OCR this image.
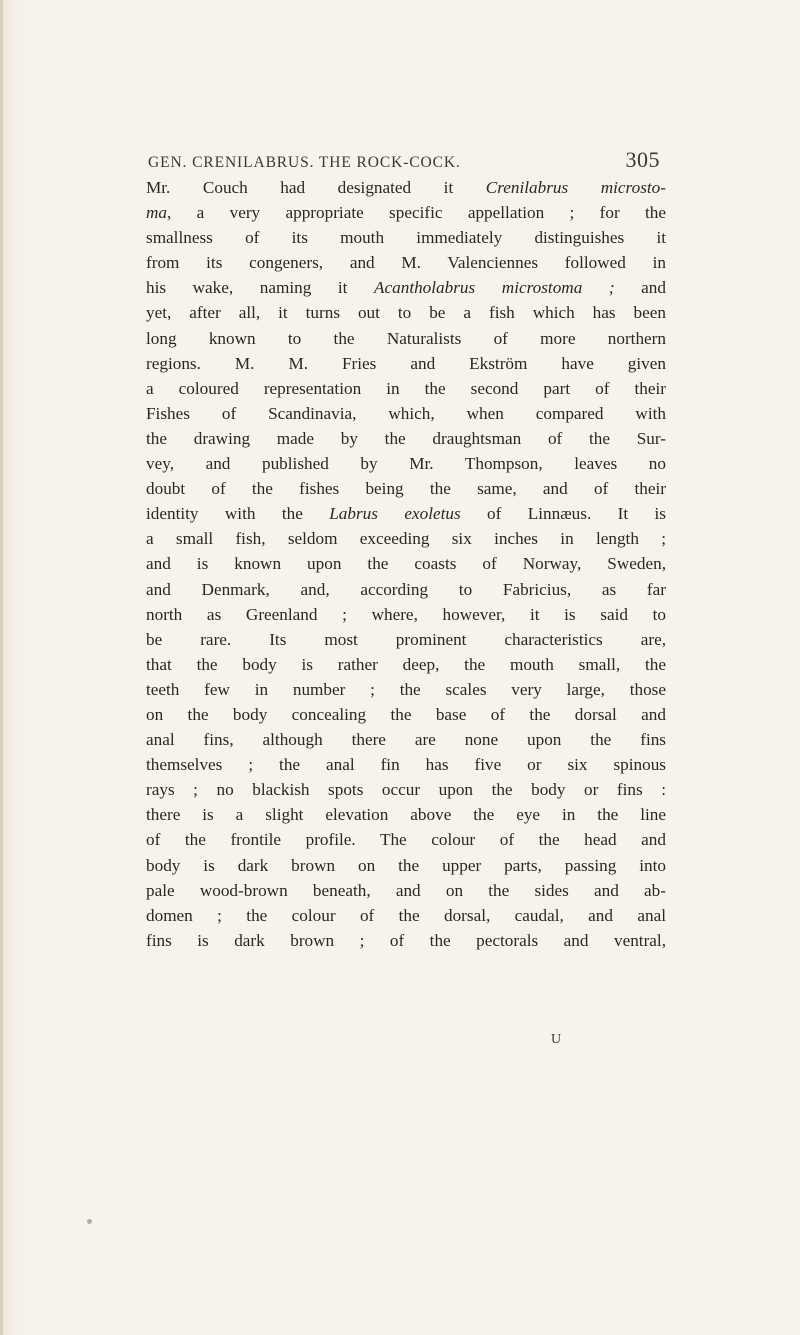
GEN. CRENILABRUS. THE ROCK-COCK.	305

Mr. Couch had designated it Crenilabrus microsto-
ma, a very appropriate specific appellation ; for the
smallness of its mouth immediately distinguishes it
from its congeners, and M. Valenciennes followed in
his wake, naming it Acantholabrus microstoma ; and
yet, after all, it turns out to be a fish which has been
long known to the Naturalists of more northern
regions. M. M. Fries and Ekström have given
a coloured representation in the second part of their
Fishes of Scandinavia, which, when compared with
the drawing made by the draughtsman of the Sur-
vey, and published by Mr. Thompson, leaves no
doubt of the fishes being the same, and of their
identity with the Labrus exoletus of Linnæus. It is
a small fish, seldom exceeding six inches in length ;
and is known upon the coasts of Norway, Sweden,
and Denmark, and, according to Fabricius, as far
north as Greenland ; where, however, it is said to
be rare. Its most prominent characteristics are,
that the body is rather deep, the mouth small, the
teeth few in number ; the scales very large, those
on the body concealing the base of the dorsal and
anal fins, although there are none upon the fins
themselves ; the anal fin has five or six spinous
rays ; no blackish spots occur upon the body or fins :
there is a slight elevation above the eye in the line
of the frontile profile. The colour of the head and
body is dark brown on the upper parts, passing into
pale wood-brown beneath, and on the sides and ab-
domen ; the colour of the dorsal, caudal, and anal
fins is dark brown ; of the pectorals and ventral,

U
